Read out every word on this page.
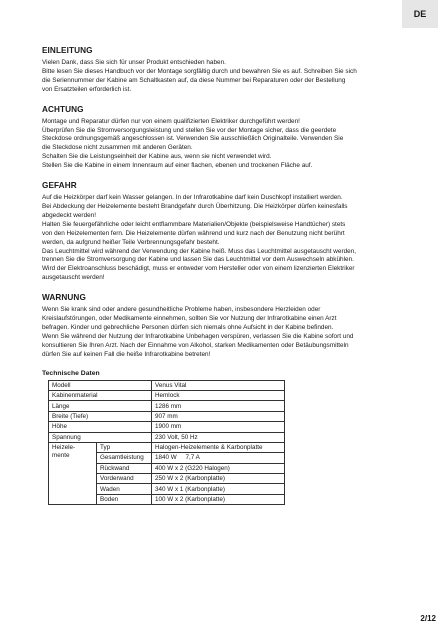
DE
EINLEITUNG

Vielen Dank, dass Sie sich für unser Produkt entschieden haben.
Bitte lesen Sie dieses Handbuch vor der Montage sorgfältig durch und bewahren Sie es auf. Schreiben Sie sich
die Seriennummer der Kabine am Schaltkasten auf, da diese Nummer bei Reparaturen oder der Bestellung
von Ersatzteilen erforderlich ist.

ACHTUNG

Montage und Reparatur dürfen nur von einem qualifizierten Elektriker durchgeführt werden!
Überprüfen Sie die Stromversorgungsleistung und stellen Sie vor der Montage sicher, dass die geerdete
Steckdose ordnungsgemäß angeschlossen ist. Verwenden Sie ausschließlich Originalteile. Verwenden Sie
die Steckdose nicht zusammen mit anderen Geräten.
Schalten Sie die Leistungseinheit der Kabine aus, wenn sie nicht verwendet wird.
Stellen Sie die Kabine in einem Innenraum auf einer flachen, ebenen und trockenen Fläche auf.

GEFAHR

Auf die Heizkörper darf kein Wasser gelangen. In der Infrarotkabine darf kein Duschkopf installiert werden.
Bei Abdeckung der Heizelemente besteht Brandgefahr durch Überhitzung. Die Heizkörper dürfen keinesfalls
abgedeckt werden!
Halten Sie feuergefährliche oder leicht entflammbare Materialien/Objekte (beispielsweise Handtücher) stets
von den Heizelementen fern. Die Heizelemente dürfen während und kurz nach der Benutzung nicht berührt
werden, da aufgrund heißer Teile Verbrennungsgefahr besteht.
Das Leuchtmittel wird während der Verwendung der Kabine heiß. Muss das Leuchtmittel ausgetauscht werden,
trennen Sie die Stromversorgung der Kabine und lassen Sie das Leuchtmittel vor dem Auswechseln abkühlen.
Wird der Elektroanschluss beschädigt, muss er entweder vom Hersteller oder von einem lizenzierten Elektriker
ausgetauscht werden!

WARNUNG

Wenn Sie krank sind oder andere gesundheitliche Probleme haben, insbesondere Herzleiden oder
Kreislaufstörungen, oder Medikamente einnehmen, sollten Sie vor Nutzung der Infrarotkabine einen Arzt
befragen. Kinder und gebrechliche Personen dürfen sich niemals ohne Aufsicht in der Kabine befinden.
Wenn Sie während der Nutzung der Infrarotkabine Unbehagen verspüren, verlassen Sie die Kabine sofort und
konsultieren Sie Ihren Arzt. Nach der Einnahme von Alkohol, starken Medikamenten oder Betäubungsmitteln
dürfen Sie auf keinen Fall die heiße Infrarotkabine betreten!

Technische Daten
Modell		Venus Vital
Kabinenmaterial		Hemlock
Länge		1286 mm
Breite (Tiefe)		907 mm
Höhe		1900 mm
Spannung		230 Volt, 50 Hz
Heizele-
mente	Typ	Halogen-Heizelemente & Karbonplatte
	Gesamtleistung	1840 W     7,7 A
	Rückwand	400 W x 2 (G220 Halogen)
	Vorderwand	250 W x 2 (Karbonplatte)
	Waden	340 W x 1 (Karbonplatte)
	Boden	100 W x 2 (Karbonplatte)
2/12
